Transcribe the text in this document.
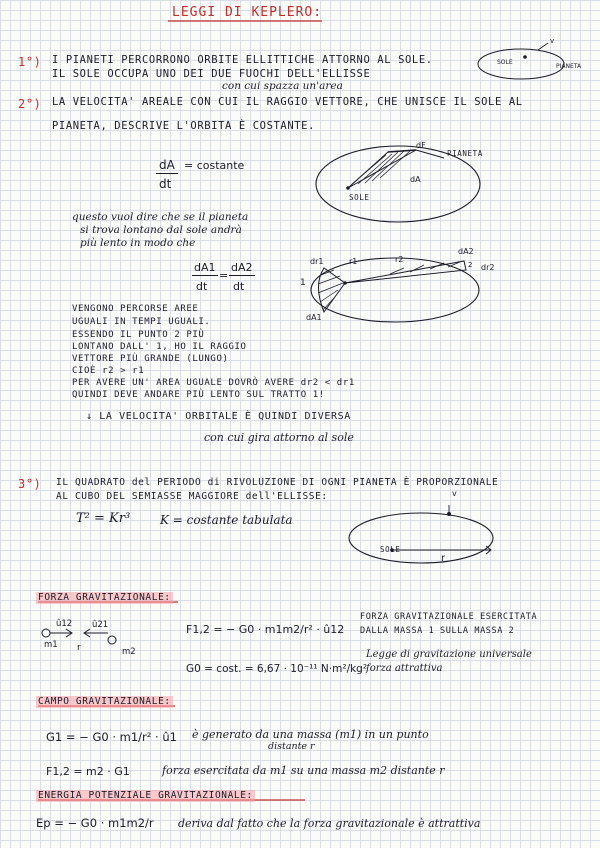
LEGGI DI KEPLERO:
1°) I PIANETI PERCORRONO ORBITE ELLITTICHE ATTORNO AL SOLE.
IL SOLE OCCUPA UNO DEI DUE FUOCHI DELL'ELLISSE
con cui spazza un'area
SOLE
PIANETA
v
2°) LA VELOCITA' AREALE CON CUI IL RAGGIO VETTORE, CHE UNISCE IL SOLE AL
PIANETA, DESCRIVE L'ORBITA È COSTANTE.
dA
dt
= costante
dF
PIANETA
dA
SOLE
questo vuol dire che se il pianeta
si trova lontano dal sole andrà
più lento in modo che
dA1
dt
=
dA2
dt
dr1	r1	r2
dA2
dr2
1
2
dA1
VENGONO PERCORSE AREE
UGUALI IN TEMPI UGUALI.
ESSENDO IL PUNTO 2 PIÙ
LONTANO DALL' 1, HO IL RAGGIO
VETTORE PIÙ GRANDE (LUNGO)
CIOÈ r2 > r1
PER AVERE UN' AREA UGUALE DOVRÒ AVERE dr2 < dr1
QUINDI DEVE ANDARE PIÙ LENTO SUL TRATTO 1!
↓ LA VELOCITA' ORBITALE È QUINDI DIVERSA
con cui gira attorno al sole
3°) IL QUADRATO del PERIODO di RIVOLUZIONE DI OGNI PIANETA È PROPORZIONALE
AL CUBO DEL SEMIASSE MAGGIORE dell'ELLISSE:
T² = Kr³ K = costante tabulata
v
SOLE
r
FORZA GRAVITAZIONALE:
û12 û21
m1 r	m2
F1,2 = − G0 · m1m2/r² · û12
FORZA GRAVITAZIONALE ESERCITATA
DALLA MASSA 1 SULLA MASSA 2
G0 = cost. = 6,67 · 10⁻¹¹ N·m²/kg²
Legge di gravitazione universale
forza attrattiva
CAMPO GRAVITAZIONALE:
G1 = − G0 · m1/r² · û1 è generato da una massa (m1) in un punto
distante r
F1,2 = m2 · G1	forza esercitata da m1 su una massa m2 distante r
ENERGIA POTENZIALE GRAVITAZIONALE:
Ep = − G0 · m1m2/r deriva dal fatto che la forza gravitazionale è attrattiva
